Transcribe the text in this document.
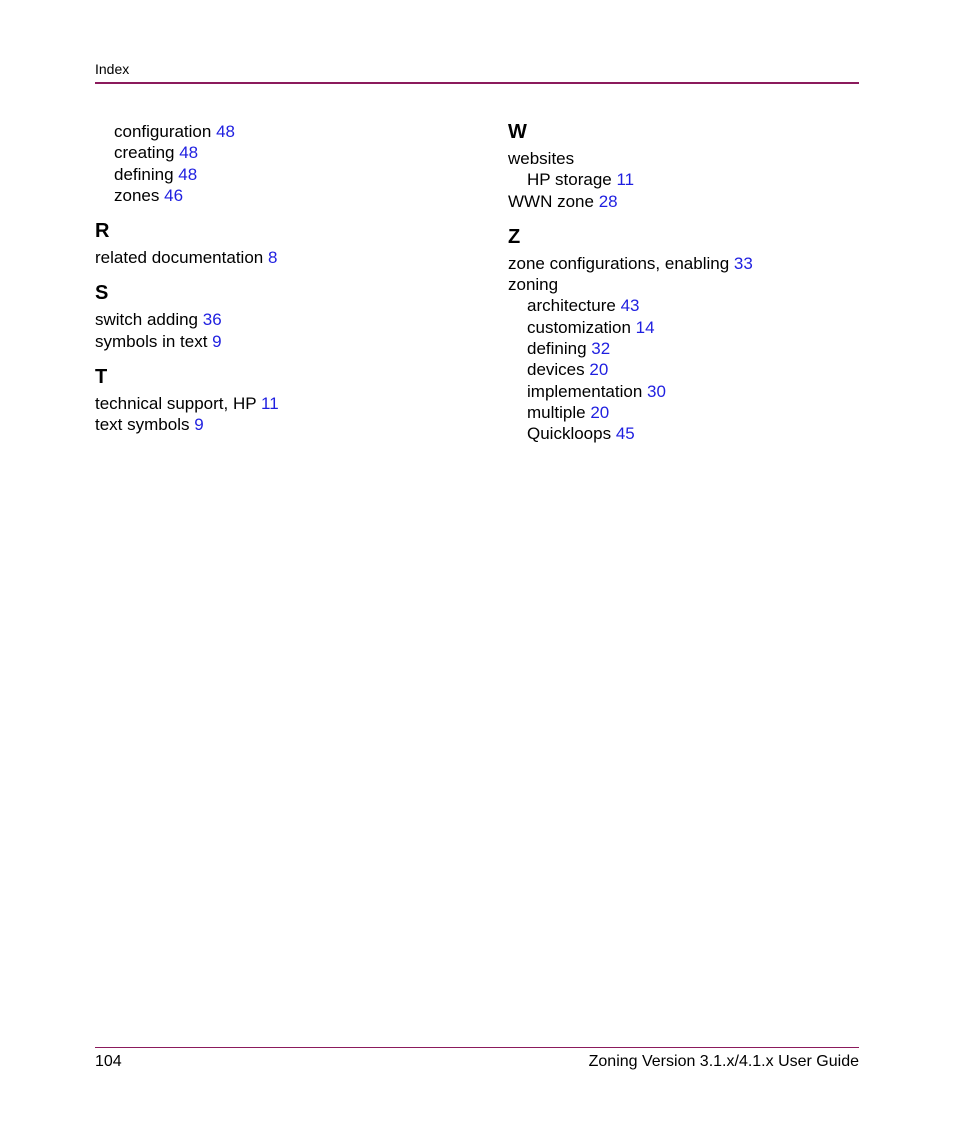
Index
configuration 48
creating 48
defining 48
zones 46
R
related documentation 8
S
switch adding 36
symbols in text 9
T
technical support, HP 11
text symbols 9
W
websites
HP storage 11
WWN zone 28
Z
zone configurations, enabling 33
zoning
architecture 43
customization 14
defining 32
devices 20
implementation 30
multiple 20
Quickloops 45
104	Zoning Version 3.1.x/4.1.x User Guide
